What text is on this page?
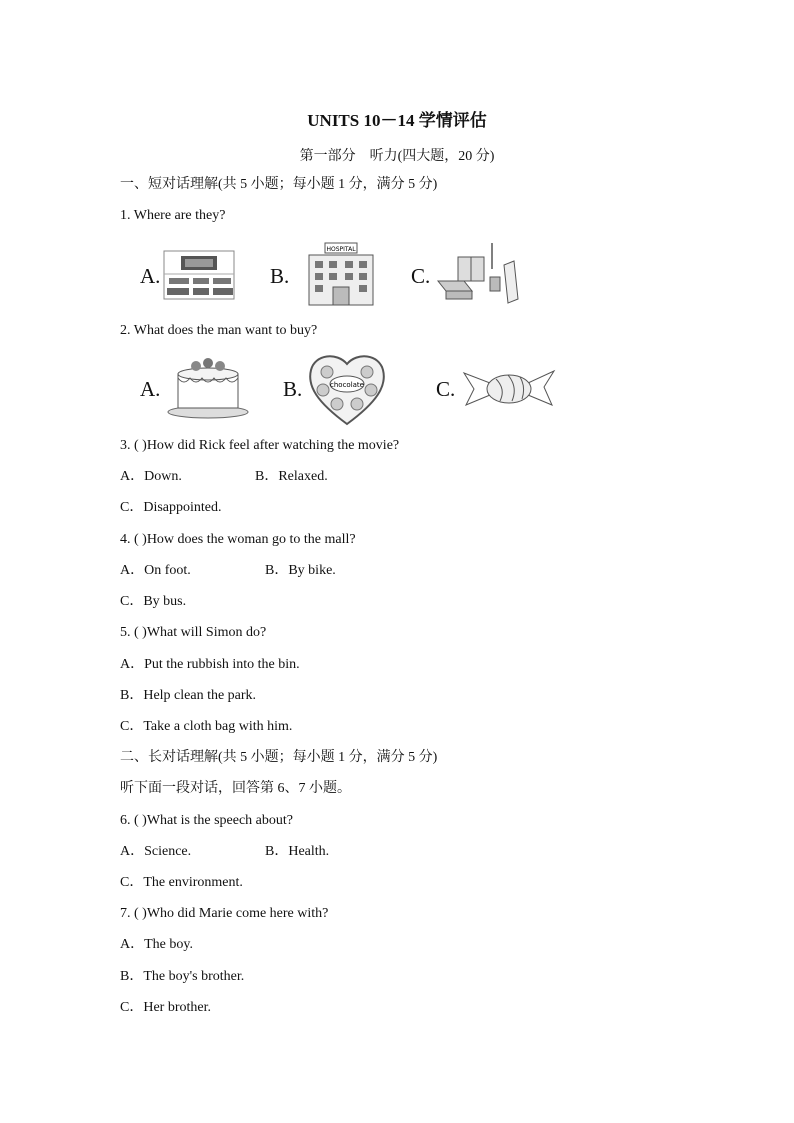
UNITS 10－14 学情评估
第一部分　听力(四大题，20 分)
一、短对话理解(共 5 小题；每小题 1 分，满分 5 分)
1. Where are they?
A.	B.
HOSPITAL
C.
2. What does the man want to buy?
A.	B.	chocolate	C.
3. ( )How did Rick feel after watching the movie?
A．Down.	B．Relaxed.
C．Disappointed.
4. ( )How does the woman go to the mall?
A．On foot.	B．By bike.
C．By bus.
5. ( )What will Simon do?
A．Put the rubbish into the bin.
B．Help clean the park.
C．Take a cloth bag with him.
二、长对话理解(共 5 小题；每小题 1 分，满分 5 分)
听下面一段对话，回答第 6、7 小题。
6. ( )What is the speech about?
A．Science.	B．Health.
C．The environment.
7. ( )Who did Marie come here with?
A．The boy.
B．The boy's brother.
C．Her brother.
